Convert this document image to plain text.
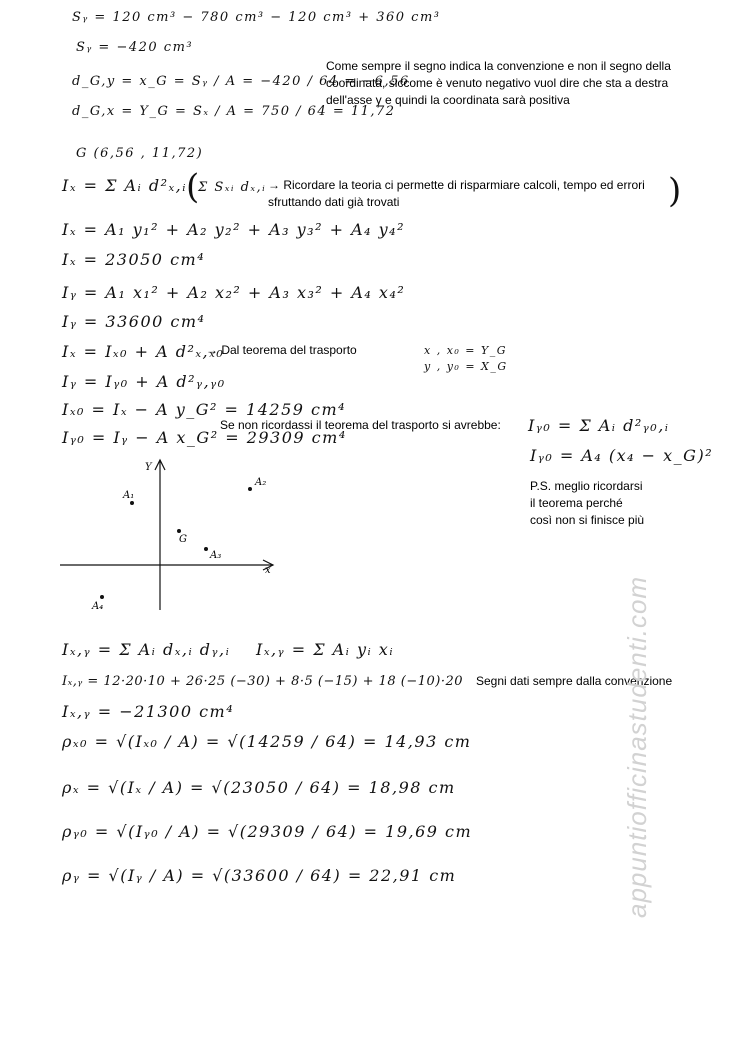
Sᵧ = 120 cm³ − 780 cm³ − 120 cm³ + 360 cm³
Sᵧ = −420 cm³
d_G,y = x_G = Sᵧ / A = −420 / 64 = −6,56
d_G,x = Y_G = Sₓ / A = 750 / 64 = 11,72
G (6,56 , 11,72)
Come sempre il segno indica la convenzione e non il segno della coordinata, siccome è venuto negativo vuol dire che sta a destra dell'asse y e quindi la coordinata sarà positiva
Iₓ = Σ Aᵢ d²ₓ,ᵢ (
Σ Sₓᵢ dₓ,ᵢ → Ricordare la teoria ci permette di risparmiare calcoli, tempo ed errori sfruttando dati già trovati	)
Iₓ = A₁ y₁² + A₂ y₂² + A₃ y₃² + A₄ y₄²
Iₓ = 23050 cm⁴
Iᵧ = A₁ x₁² + A₂ x₂² + A₃ x₃² + A₄ x₄²
Iᵧ = 33600 cm⁴
Iₓ = Iₓ₀ + A d²ₓ,ₓ₀
→ Dal teorema del trasporto	x , x₀ = Y_G
y , y₀ = X_G
Iᵧ = Iᵧ₀ + A d²ᵧ,ᵧ₀
Iₓ₀ = Iₓ − A y_G² = 14259 cm⁴
Se non ricordassi il teorema del trasporto si avrebbe: Iᵧ₀ = Σ Aᵢ d²ᵧ₀,ᵢ
Iᵧ₀ = Iᵧ − A x_G² = 29309 cm⁴
Iᵧ₀ = A₄ (x₄ − x_G)²
Y
x
A₁
A₂
G
A₃
A₄
P.S. meglio ricordarsi
il teorema perché
così non si finisce più
Iₓ,ᵧ = Σ Aᵢ dₓ,ᵢ dᵧ,ᵢ Iₓ,ᵧ = Σ Aᵢ yᵢ xᵢ
Iₓ,ᵧ = 12·20·10 + 26·25 (−30) + 8·5 (−15) + 18 (−10)·20 Segni dati sempre dalla convenzione
Iₓ,ᵧ = −21300 cm⁴
ρₓ₀ = √(Iₓ₀ / A) = √(14259 / 64) = 14,93 cm
ρₓ = √(Iₓ / A) = √(23050 / 64) = 18,98 cm
ρᵧ₀ = √(Iᵧ₀ / A) = √(29309 / 64) = 19,69 cm
ρᵧ = √(Iᵧ / A) = √(33600 / 64) = 22,91 cm	appuntiofficinastudenti.com
